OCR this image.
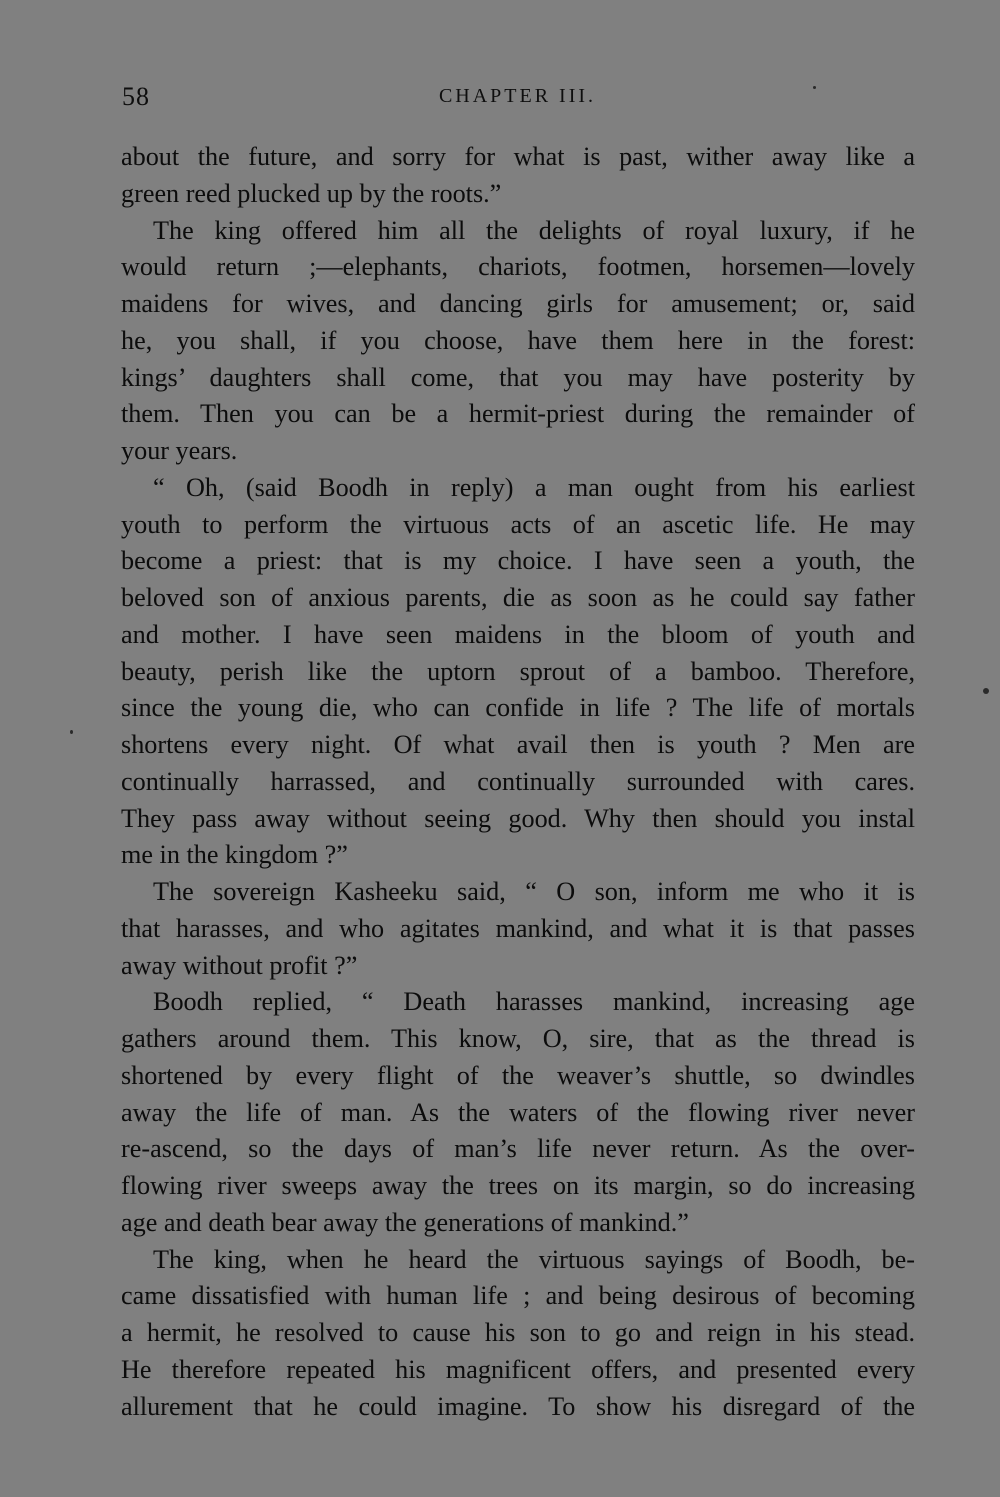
58	CHAPTER III.
about the future, and sorry for what is past, wither away like a
green reed plucked up by the roots.”
The king offered him all the delights of royal luxury, if he
would return ;—elephants, chariots, footmen, horsemen—lovely
maidens for wives, and dancing girls for amusement; or, said
he, you shall, if you choose, have them here in the forest:
kings’ daughters shall come, that you may have posterity by
them. Then you can be a hermit-priest during the remainder of
your years.
“ Oh, (said Boodh in reply) a man ought from his earliest
youth to perform the virtuous acts of an ascetic life. He may
become a priest: that is my choice. I have seen a youth, the
beloved son of anxious parents, die as soon as he could say father
and mother. I have seen maidens in the bloom of youth and
beauty, perish like the uptorn sprout of a bamboo. Therefore,
since the young die, who can confide in life ? The life of mortals
shortens every night. Of what avail then is youth ? Men are
continually harrassed, and continually surrounded with cares.
They pass away without seeing good. Why then should you instal
me in the kingdom ?”
The sovereign Kasheeku said, “ O son, inform me who it is
that harasses, and who agitates mankind, and what it is that passes
away without profit ?”
Boodh replied, “ Death harasses mankind, increasing age
gathers around them. This know, O, sire, that as the thread is
shortened by every flight of the weaver’s shuttle, so dwindles
away the life of man. As the waters of the flowing river never
re-ascend, so the days of man’s life never return. As the over-
flowing river sweeps away the trees on its margin, so do increasing
age and death bear away the generations of mankind.”
The king, when he heard the virtuous sayings of Boodh, be-
came dissatisfied with human life ; and being desirous of becoming
a hermit, he resolved to cause his son to go and reign in his stead.
He therefore repeated his magnificent offers, and presented every
allurement that he could imagine. To show his disregard of the
